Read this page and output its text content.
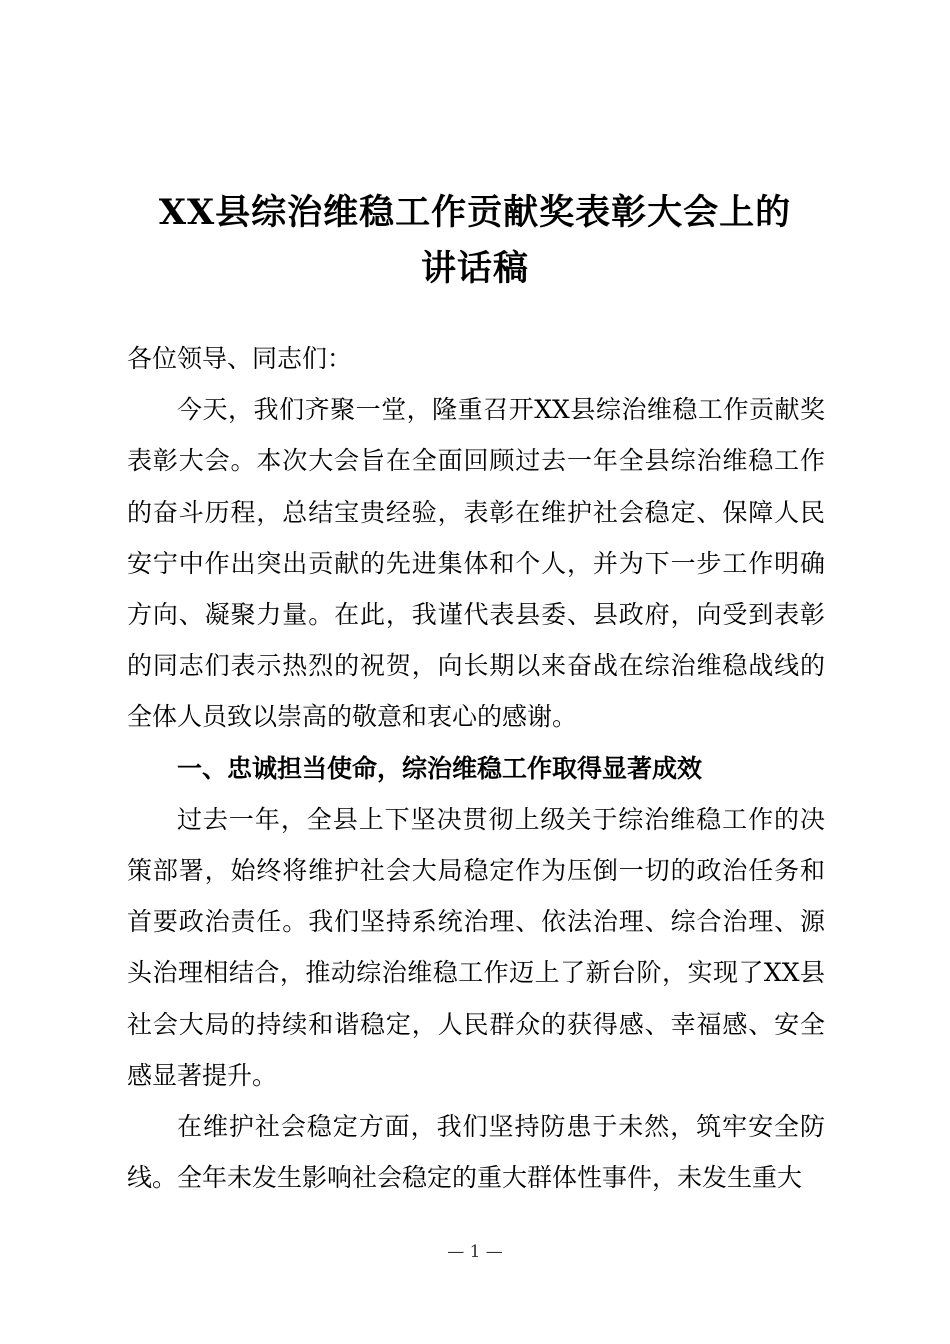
XX县综治维稳工作贡献奖表彰大会上的
讲话稿

各位领导、同志们：

今天，我们齐聚一堂，隆重召开XX县综治维稳工作贡献奖表彰大会。本次大会旨在全面回顾过去一年全县综治维稳工作的奋斗历程，总结宝贵经验，表彰在维护社会稳定、保障人民安宁中作出突出贡献的先进集体和个人，并为下一步工作明确方向、凝聚力量。在此，我谨代表县委、县政府，向受到表彰的同志们表示热烈的祝贺，向长期以来奋战在综治维稳战线的全体人员致以崇高的敬意和衷心的感谢。

一、忠诚担当使命，综治维稳工作取得显著成效

过去一年，全县上下坚决贯彻上级关于综治维稳工作的决策部署，始终将维护社会大局稳定作为压倒一切的政治任务和首要政治责任。我们坚持系统治理、依法治理、综合治理、源头治理相结合，推动综治维稳工作迈上了新台阶，实现了XX县社会大局的持续和谐稳定，人民群众的获得感、幸福感、安全感显著提升。

在维护社会稳定方面，我们坚持防患于未然，筑牢安全防线。全年未发生影响社会稳定的重大群体性事件，未发生重大

— 1 —
